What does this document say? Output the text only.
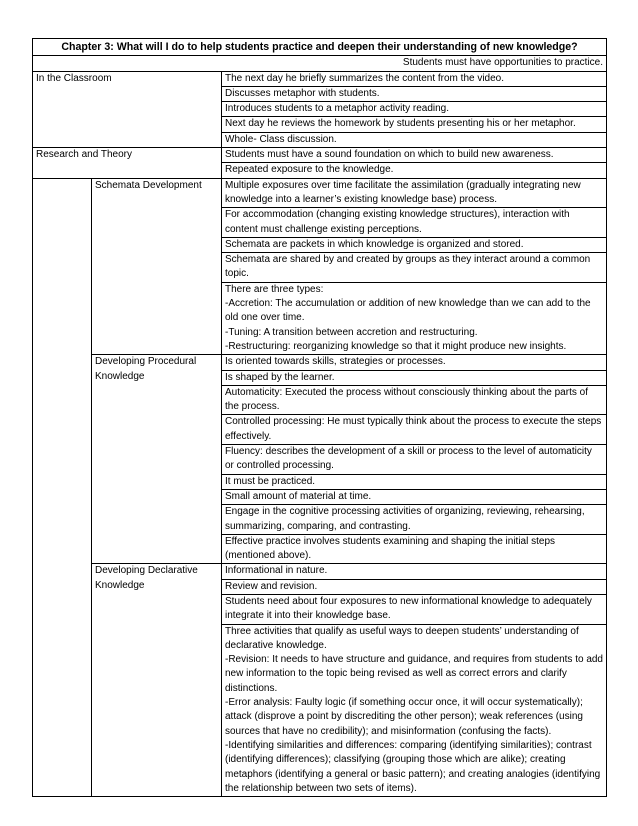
Chapter 3: What will I do to help students practice and deepen their understanding of new knowledge?		
Students must have opportunities to practice.		
In the Classroom		The next day he briefly summarizes the content from the video.
		Discusses metaphor with students.
		Introduces students to a metaphor activity reading.
		Next day he reviews the homework by students presenting his or her metaphor.
		Whole- Class discussion.
Research and Theory		Students must have a sound foundation on which to build new awareness.
		Repeated exposure to the knowledge.
	Schemata Development	Multiple exposures over time facilitate the assimilation (gradually integrating new knowledge into a learner’s existing knowledge base) process.
		For accommodation (changing existing knowledge structures), interaction with content must challenge existing perceptions.
		Schemata are packets in which knowledge is organized and stored.
		Schemata are shared by and created by groups as they interact around a common topic.

		There are three types:
-Accretion: The accumulation or addition of new knowledge than we can add to the old one over time.
-Tuning: A transition between accretion and restructuring.
-Restructuring: reorganizing knowledge so that it might produce new insights.

	Developing Procedural Knowledge	Is oriented towards skills, strategies or processes.
		Is shaped by the learner.
		Automaticity: Executed the process without consciously thinking about the parts of the process.
		Controlled processing: He must typically think about the process to execute the steps effectively.
		Fluency: describes the development of a skill or process to the level of automaticity or controlled processing.
		It must be practiced.
		Small amount of material at time.
		Engage in the cognitive processing activities of organizing, reviewing, rehearsing, summarizing, comparing, and contrasting.
		Effective practice involves students examining and shaping the initial steps (mentioned above).
	Developing Declarative Knowledge	Informational in nature.
		Review and revision.
		Students need about four exposures to new informational knowledge to adequately integrate it into their knowledge base.

		Three activities that qualify as useful ways to deepen students’ understanding of declarative knowledge.
-Revision: It needs to have structure and guidance, and requires from students to add new information to the topic being revised as well as correct errors and clarify distinctions.
-Error analysis: Faulty logic (if something occur once, it will occur systematically); attack (disprove a point by discrediting the other person); weak references (using sources that have no credibility); and misinformation (confusing the facts).
-Identifying similarities and differences: comparing (identifying similarities); contrast (identifying differences); classifying (grouping those which are alike); creating metaphors (identifying a general or basic pattern); and creating analogies (identifying the relationship between two sets of items).
